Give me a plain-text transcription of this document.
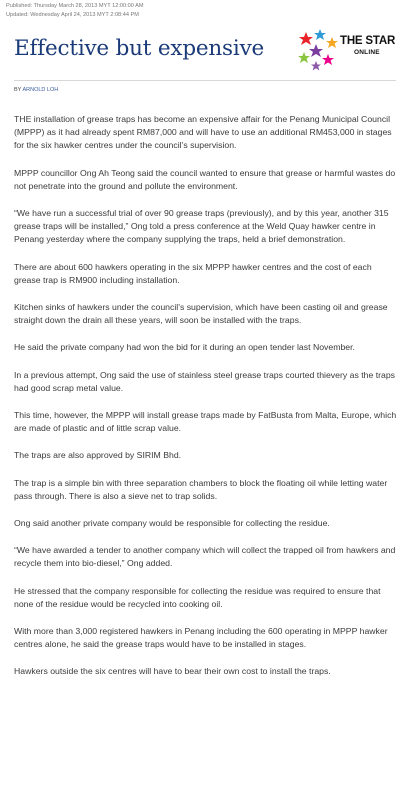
Published: Thursday March 28, 2013 MYT 12:00:00 AM
Updated: Wednesday April 24, 2013 MYT 2:08:44 PM
Effective but expensive	THE STAR
ONLINE
BY ARNOLD LOH

THE installation of grease traps has become an expensive affair for the Penang Municipal Council (MPPP) as it had already spent RM87,000 and will have to use an additional RM453,000 in stages for the six hawker centres under the council’s supervision.

MPPP councillor Ong Ah Teong said the council wanted to ensure that grease or harmful wastes do not penetrate into the ground and pollute the environment.

“We have run a successful trial of over 90 grease traps (previously), and by this year, another 315 grease traps will be installed,” Ong told a press conference at the Weld Quay hawker centre in Penang yesterday where the company supplying the traps, held a brief demonstration.

There are about 600 hawkers operating in the six MPPP hawker centres and the cost of each grease trap is RM900 including installation.

Kitchen sinks of hawkers under the council’s supervision, which have been casting oil and grease straight down the drain all these years, will soon be installed with the traps.

He said the private company had won the bid for it during an open tender last November.

In a previous attempt, Ong said the use of stainless steel grease traps courted thievery as the traps had good scrap metal value.

This time, however, the MPPP will install grease traps made by FatBusta from Malta, Europe, which are made of plastic and of little scrap value.

The traps are also approved by SIRIM Bhd.

The trap is a simple bin with three separation chambers to block the floating oil while letting water pass through. There is also a sieve net to trap solids.

Ong said another private company would be responsible for collecting the residue.

“We have awarded a tender to another company which will collect the trapped oil from hawkers and recycle them into bio-diesel,” Ong added.

He stressed that the company responsible for collecting the residue was required to ensure that none of the residue would be recycled into cooking oil.

With more than 3,000 registered hawkers in Penang including the 600 operating in MPPP hawker centres alone, he said the grease traps would have to be installed in stages.

Hawkers outside the six centres will have to bear their own cost to install the traps.
